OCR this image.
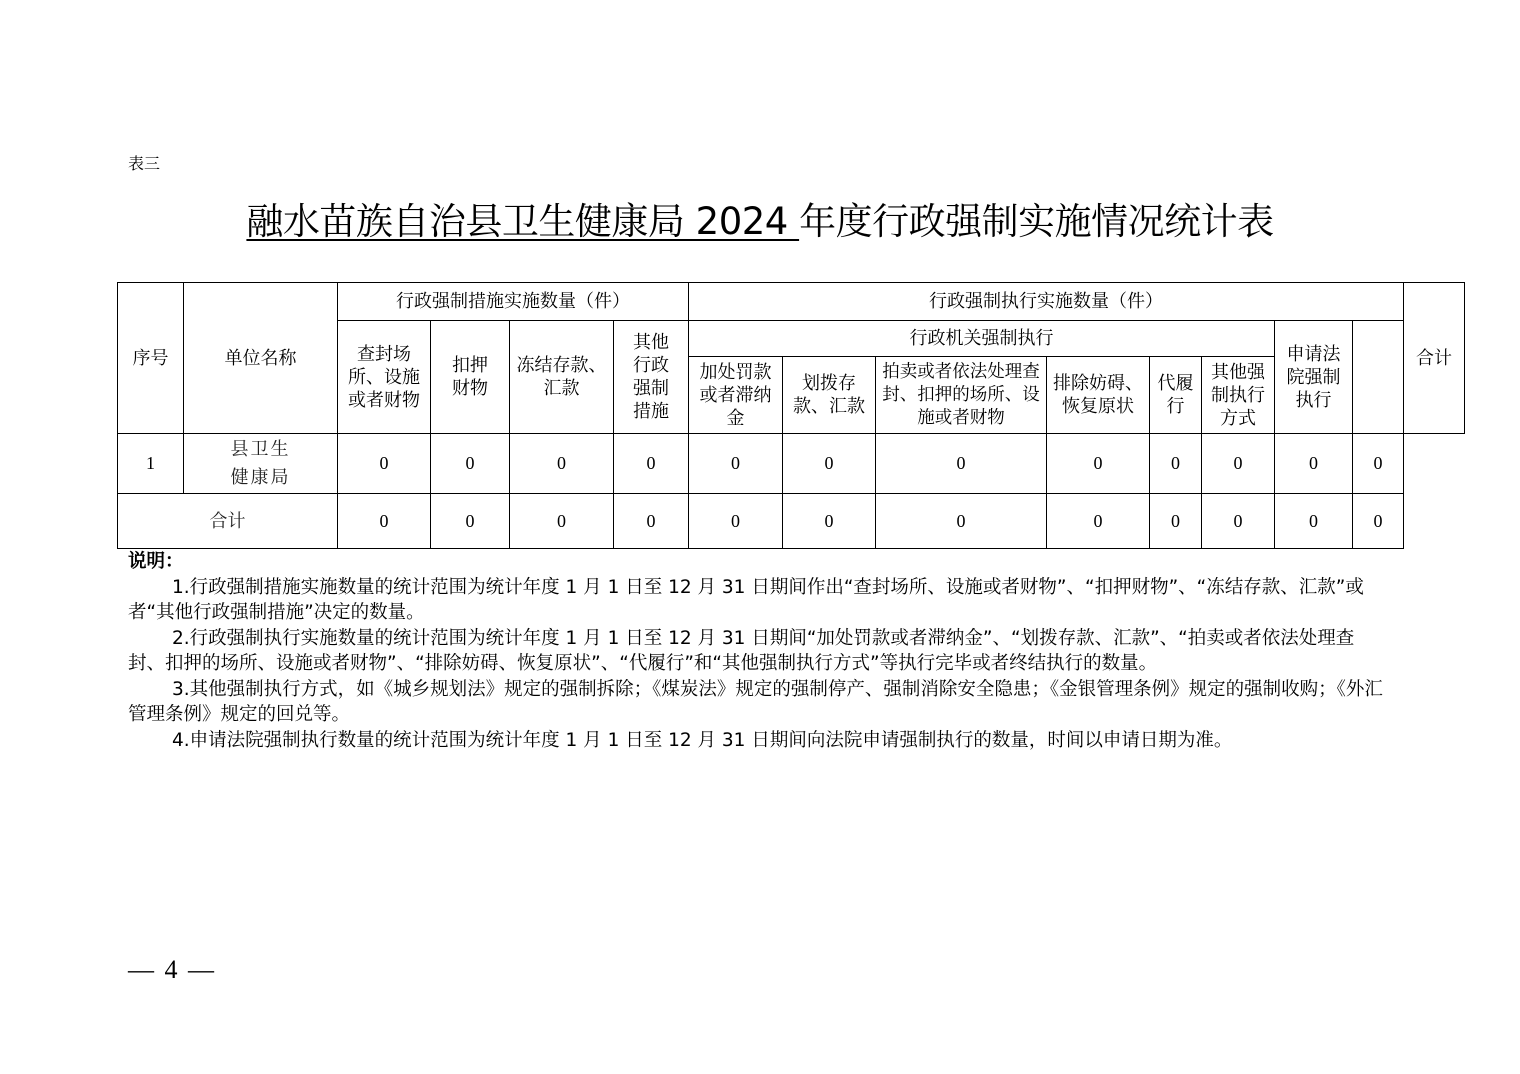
表三
融水苗族自治县卫生健康局 2024 年度行政强制实施情况统计表
序号	单位名称	行政强制措施实施数量（件）				行政强制执行实施数量（件）								合计
		查封场所、设施或者财物	扣押财物	冻结存款、汇款	其他行政强制措施	行政机关强制执行						申请法院强制执行		
						加处罚款或者滞纳金	划拨存款、汇款	拍卖或者依法处理查封、扣押的场所、设施或者财物	排除妨碍、恢复原状	代履行	其他强制执行方式			
1	县卫生健康局	0	0	0	0	0	0	0	0	0	0	0	0	
合计		0	0	0	0	0	0	0	0	0	0	0	0	
说明：

1.行政强制措施实施数量的统计范围为统计年度 1 月 1 日至 12 月 31 日期间作出“查封场所、设施或者财物”、“扣押财物”、“冻结存款、汇款”或者“其他行政强制措施”决定的数量。

2.行政强制执行实施数量的统计范围为统计年度 1 月 1 日至 12 月 31 日期间“加处罚款或者滞纳金”、“划拨存款、汇款”、“拍卖或者依法处理查封、扣押的场所、设施或者财物”、“排除妨碍、恢复原状”、“代履行”和“其他强制执行方式”等执行完毕或者终结执行的数量。

3.其他强制执行方式，如《城乡规划法》规定的强制拆除；《煤炭法》规定的强制停产、强制消除安全隐患；《金银管理条例》规定的强制收购；《外汇管理条例》规定的回兑等。

4.申请法院强制执行数量的统计范围为统计年度 1 月 1 日至 12 月 31 日期间向法院申请强制执行的数量，时间以申请日期为准。

— 4 —
